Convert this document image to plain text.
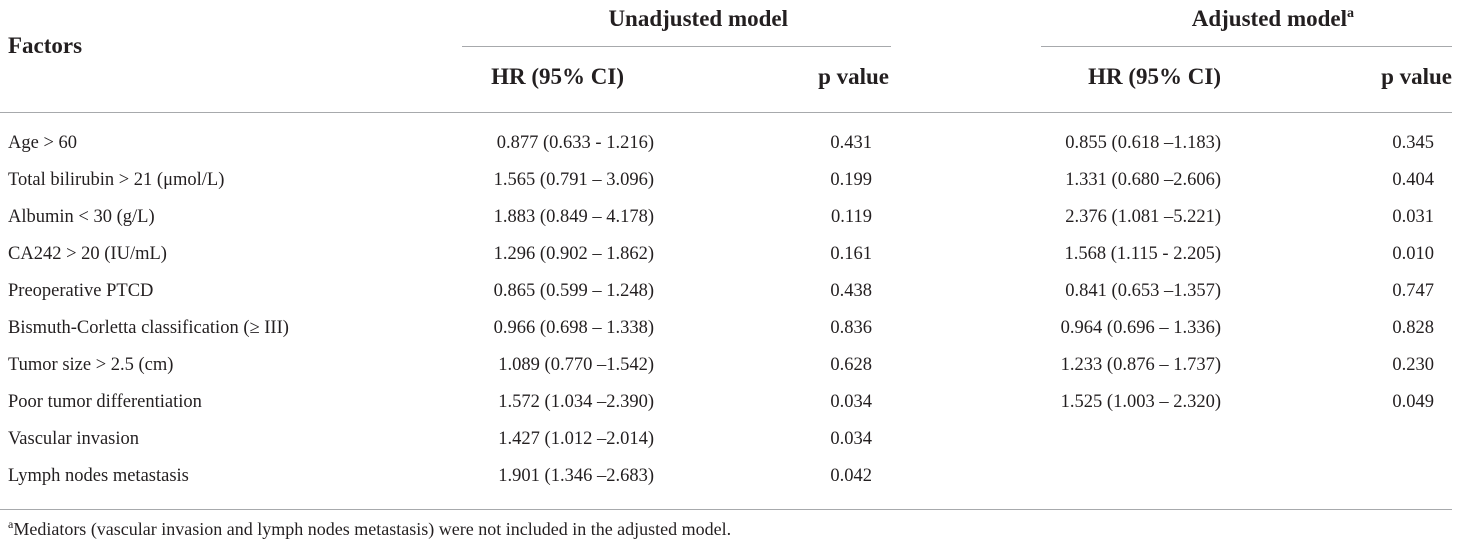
Factors	Unadjusted model			Adjusted model$^a$
	HR (95% CI)	p value		HR (95% CI)	p value
Age > 60	0.877 (0.633 - 1.216)	0.431		0.855 (0.618 –1.183)	0.345
Total bilirubin > 21 (μmol/L)	1.565 (0.791 – 3.096)	0.199		1.331 (0.680 –2.606)	0.404
Albumin < 30 (g/L)	1.883 (0.849 – 4.178)	0.119		2.376 (1.081 –5.221)	0.031
CA242 > 20 (IU/mL)	1.296 (0.902 – 1.862)	0.161		1.568 (1.115 - 2.205)	0.010
Preoperative PTCD	0.865 (0.599 – 1.248)	0.438		0.841 (0.653 –1.357)	0.747
Bismuth-Corletta classification (≥ III)	0.966 (0.698 – 1.338)	0.836		0.964 (0.696 – 1.336)	0.828
Tumor size > 2.5 (cm)	1.089 (0.770 –1.542)	0.628		1.233 (0.876 – 1.737)	0.230
Poor tumor differentiation	1.572 (1.034 –2.390)	0.034		1.525 (1.003 – 2.320)	0.049
Vascular invasion	1.427 (1.012 –2.014)	0.034			
Lymph nodes metastasis	1.901 (1.346 –2.683)	0.042			
$^a$Mediators (vascular invasion and lymph nodes metastasis) were not included in the adjusted model.
